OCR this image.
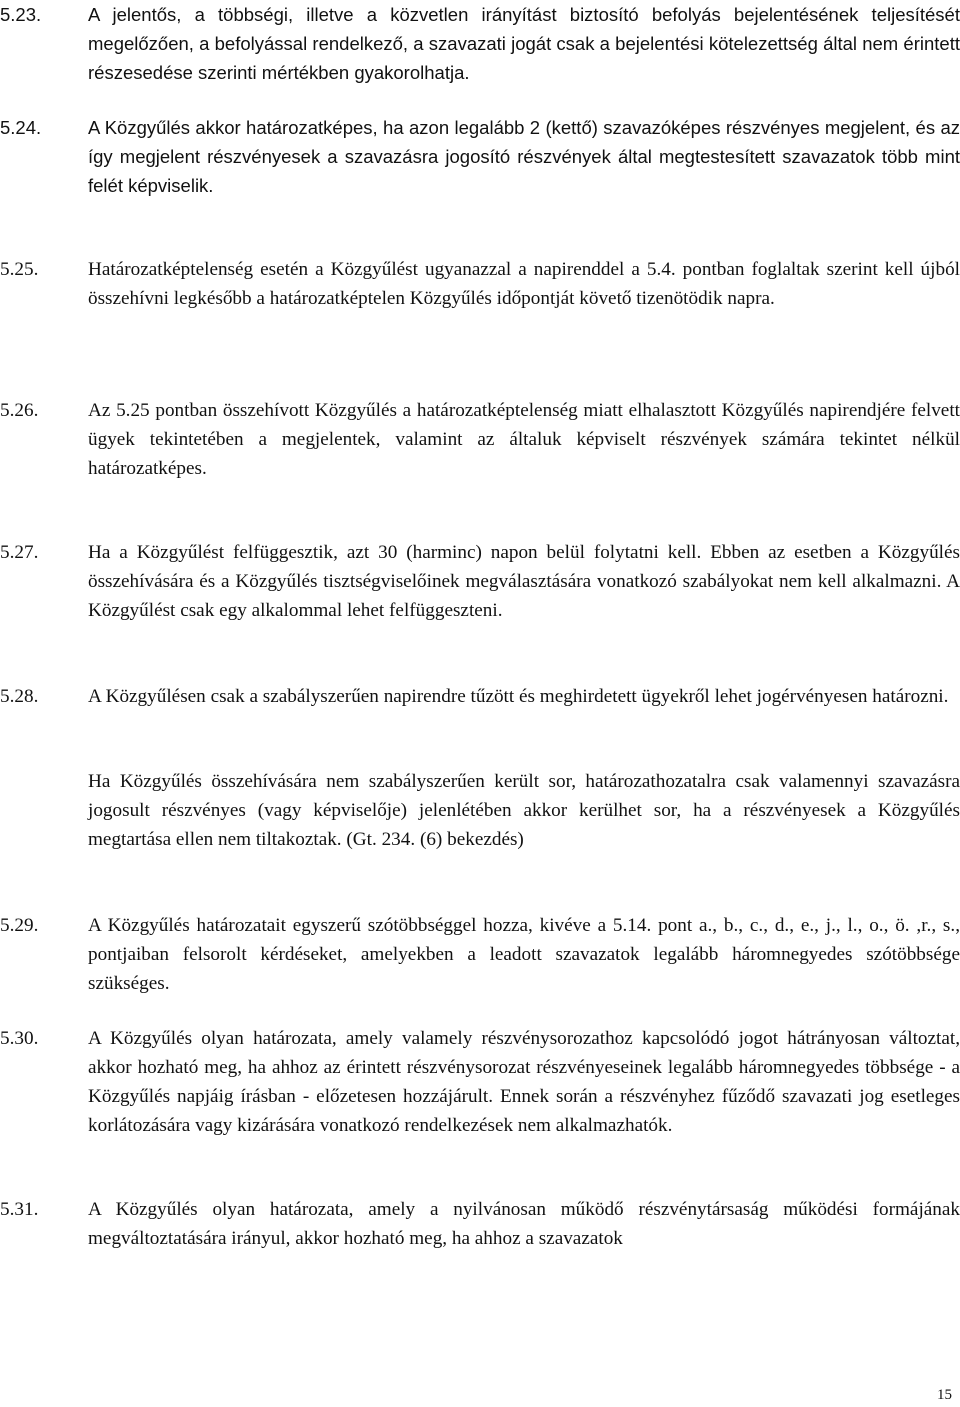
5.23.	A jelentős, a többségi, illetve a közvetlen irányítást biztosító befolyás bejelentésének teljesítését megelőzően, a befolyással rendelkező, a szavazati jogát csak a bejelentési kötelezettség által nem érintett részesedése szerinti mértékben gyakorolhatja.

5.24.	A Közgyűlés akkor határozatképes, ha azon legalább 2 (kettő) szavazóképes részvényes megjelent, és az így megjelent részvényesek a szavazásra jogosító részvények által megtestesített szavazatok több mint felét képviselik.

5.25.	Határozatképtelenség esetén a Közgyűlést ugyanazzal a napirenddel a 5.4. pontban foglaltak szerint kell újból összehívni legkésőbb a határozatképtelen Közgyűlés időpontját követő tizenötödik napra.

5.26.	Az 5.25 pontban összehívott Közgyűlés a határozatképtelenség miatt elhalasztott Közgyűlés napirendjére felvett ügyek tekintetében a megjelentek, valamint az általuk képviselt részvények számára tekintet nélkül határozatképes.

5.27.	Ha a Közgyűlést felfüggesztik, azt 30 (harminc) napon belül folytatni kell. Ebben az esetben a Közgyűlés összehívására és a Közgyűlés tisztségviselőinek megválasztására vonatkozó szabályokat nem kell alkalmazni. A Közgyűlést csak egy alkalommal lehet felfüggeszteni.

5.28.	A Közgyűlésen csak a szabályszerűen napirendre tűzött és meghirdetett ügyekről lehet jogérvényesen határozni.

Ha Közgyűlés összehívására nem szabályszerűen került sor, határozathozatalra csak valamennyi szavazásra jogosult részvényes (vagy képviselője) jelenlétében akkor kerülhet sor, ha a részvényesek a Közgyűlés megtartása ellen nem tiltakoztak. (Gt. 234. (6) bekezdés)

5.29.	A Közgyűlés határozatait egyszerű szótöbbséggel hozza, kivéve a 5.14. pont a., b., c., d., e., j., l., o., ö. ,r., s., pontjaiban felsorolt kérdéseket, amelyekben a leadott szavazatok legalább háromnegyedes szótöbbsége szükséges.

5.30.	A Közgyűlés olyan határozata, amely valamely részvénysorozathoz kapcsolódó jogot hátrányosan változtat, akkor hozható meg, ha ahhoz az érintett részvénysorozat részvényeseinek legalább háromnegyedes többsége - a Közgyűlés napjáig írásban - előzetesen hozzájárult. Ennek során a részvényhez fűződő szavazati jog esetleges korlátozására vagy kizárására vonatkozó rendelkezések nem alkalmazhatók.

5.31.	A Közgyűlés olyan határozata, amely a nyilvánosan működő részvénytársaság működési formájának megváltoztatására irányul, akkor hozható meg, ha ahhoz a szavazatok

15
